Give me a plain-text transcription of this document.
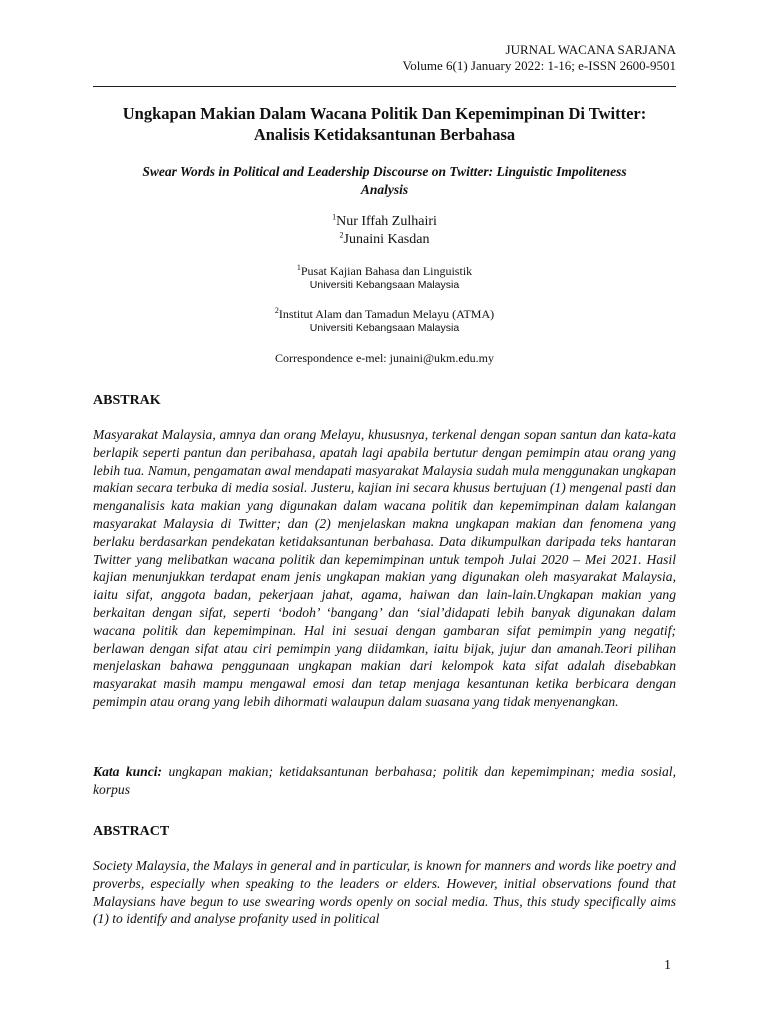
JURNAL WACANA SARJANA
Volume 6(1) January 2022: 1-16; e-ISSN 2600-9501
Ungkapan Makian Dalam Wacana Politik Dan Kepemimpinan Di Twitter:
Analisis Ketidaksantunan Berbahasa
Swear Words in Political and Leadership Discourse on Twitter: Linguistic Impoliteness
Analysis
$^1$Nur Iffah Zulhairi
$^2$Junaini Kasdan
$^1$Pusat Kajian Bahasa dan Linguistik
Universiti Kebangsaan Malaysia
$^2$Institut Alam dan Tamadun Melayu (ATMA)
Universiti Kebangsaan Malaysia
Correspondence e-mel: junaini@ukm.edu.my
ABSTRAK
Masyarakat Malaysia, amnya dan orang Melayu, khususnya, terkenal dengan sopan santun dan kata-kata berlapik seperti pantun dan peribahasa, apatah lagi apabila bertutur dengan pemimpin atau orang yang lebih tua. Namun, pengamatan awal mendapati masyarakat Malaysia sudah mula menggunakan ungkapan makian secara terbuka di media sosial. Justeru, kajian ini secara khusus bertujuan (1) mengenal pasti dan menganalisis kata makian yang digunakan dalam wacana politik dan kepemimpinan dalam kalangan masyarakat Malaysia di Twitter; dan (2) menjelaskan makna ungkapan makian dan fenomena yang berlaku berdasarkan pendekatan ketidaksantunan berbahasa. Data dikumpulkan daripada teks hantaran Twitter yang melibatkan wacana politik dan kepemimpinan untuk tempoh Julai 2020 – Mei 2021. Hasil kajian menunjukkan terdapat enam jenis ungkapan makian yang digunakan oleh masyarakat Malaysia, iaitu sifat, anggota badan, pekerjaan jahat, agama, haiwan dan lain-lain.Ungkapan makian yang berkaitan dengan sifat, seperti ‘bodoh’ ‘bangang’ dan ‘sial’didapati lebih banyak digunakan dalam wacana politik dan kepemimpinan. Hal ini sesuai dengan gambaran sifat pemimpin yang negatif; berlawan dengan sifat atau ciri pemimpin yang diidamkan, iaitu bijak, jujur dan amanah.Teori pilihan menjelaskan bahawa penggunaan ungkapan makian dari kelompok kata sifat adalah disebabkan masyarakat masih mampu mengawal emosi dan tetap menjaga kesantunan ketika berbicara dengan pemimpin atau orang yang lebih dihormati walaupun dalam suasana yang tidak menyenangkan.
Kata kunci: ungkapan makian; ketidaksantunan berbahasa; politik dan kepemimpinan; media sosial, korpus
ABSTRACT
Society Malaysia, the Malays in general and in particular, is known for manners and words like poetry and proverbs, especially when speaking to the leaders or elders. However, initial observations found that Malaysians have begun to use swearing words openly on social media. Thus, this study specifically aims (1) to identify and analyse profanity used in political
1
